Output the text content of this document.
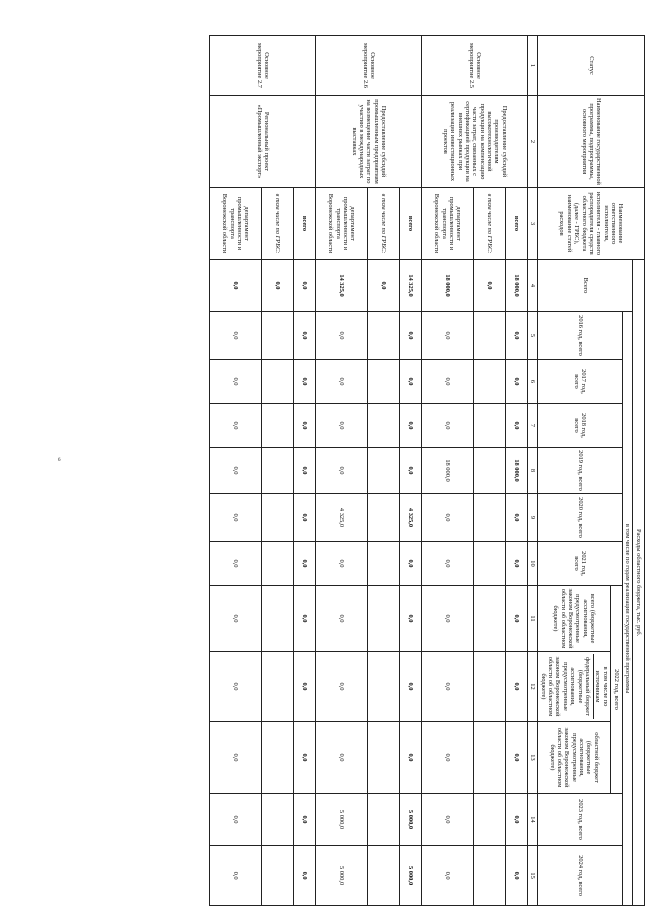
6
Статус	Наименование государственной программы, подпрограммы, основного мероприятия	Наименование ответственного исполнителя, исполнителя - главного распорядителя средств областного бюджета (далее - ГРБС), наименование статей расходов	Расходы областного бюджета, тыс. руб.											
			Всего	в том числе по годам реализации государственной программы										
				2016 год, всего	2017 год, всего	2018 год, всего	2019 год, всего	2020 год, всего	2021 год, всего	2022 год, всего			2023 год, всего	2024 год, всего
										всего (бюджетные ассигнования, предусмотренные законом Воронежской области об областном бюджете)	в том числе по источникам
федеральный бюджет (бюджетные ассигнования, предусмотренные законом Воронежской области об областном бюджете)	областной бюджет (бюджетные ассигнования, предусмотренные законом Воронежской области об областном бюджете)		
1	2	3	4	5	6	7	8	9	10	11	12	13	14	15
Основное мероприятие 2.5	Предоставление субсидий производителям высокотехнологичной продукции на компенсацию части затрат, связанных с сертификацией продукции на внешних рынках при реализации инвестиционных проектов	всего	18 000,0	0,0	0,0	0,0	18 000,0	0,0	0,0	0,0	0,0	0,0	0,0	0,0
		в том числе по ГРБС:	0,0											
		департамент промышленности и транспорта Воронежской области	18 000,0	0,0	0,0	0,0	18 000,0	0,0	0,0	0,0	0,0	0,0	0,0	0,0
Основное мероприятие 2.6	Предоставление субсидий промышленным предприятиям на возмещение части затрат по участию в международных выставках	всего	14 325,0	0,0	0,0	0,0	0,0	4 325,0	0,0	0,0	0,0	0,0	5 000,0	5 000,0
		в том числе по ГРБС:	0,0											
		департамент промышленности и транспорта Воронежской области	14 325,0	0,0	0,0	0,0	0,0	4 325,0	0,0	0,0	0,0	0,0	5 000,0	5 000,0
Основное мероприятие 2.7	Региональный проект «Промышленный экспорт»	всего	0,0	0,0	0,0	0,0	0,0	0,0	0,0	0,0	0,0	0,0	0,0	0,0
		в том числе по ГРБС:	0,0											
		департамент промышленности и транспорта Воронежской области	0,0	0,0	0,0	0,0	0,0	0,0	0,0	0,0	0,0	0,0	0,0	0,0
